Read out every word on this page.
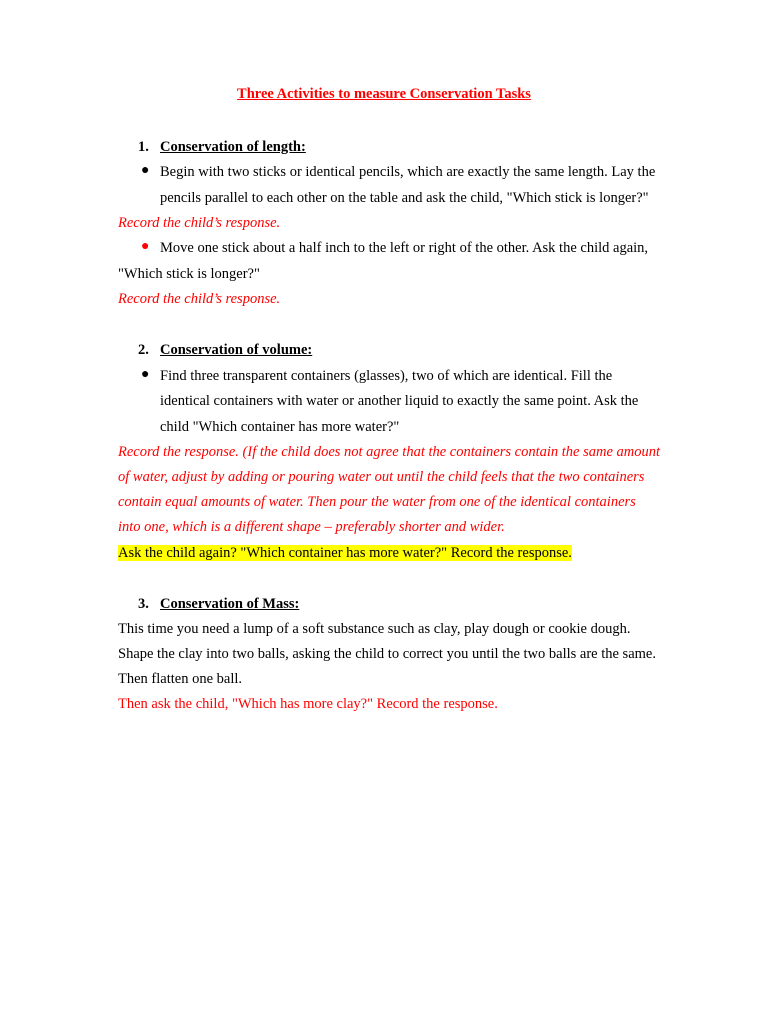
Three Activities to measure Conservation Tasks
1. Conservation of length:
● Begin with two sticks or identical pencils, which are exactly the same length. Lay the
pencils parallel to each other on the table and ask the child, "Which stick is longer?"
Record the child’s response.
● Move one stick about a half inch to the left or right of the other. Ask the child again,
"Which stick is longer?"
Record the child’s response.
2. Conservation of volume:
● Find three transparent containers (glasses), two of which are identical. Fill the
identical containers with water or another liquid to exactly the same point. Ask the
child "Which container has more water?"
Record the response. (If the child does not agree that the containers contain the same amount
of water, adjust by adding or pouring water out until the child feels that the two containers
contain equal amounts of water. Then pour the water from one of the identical containers
into one, which is a different shape – preferably shorter and wider.
Ask the child again? "Which container has more water?" Record the response.
3. Conservation of Mass:
This time you need a lump of a soft substance such as clay, play dough or cookie dough.
Shape the clay into two balls, asking the child to correct you until the two balls are the same.
Then flatten one ball.
Then ask the child, "Which has more clay?" Record the response.
